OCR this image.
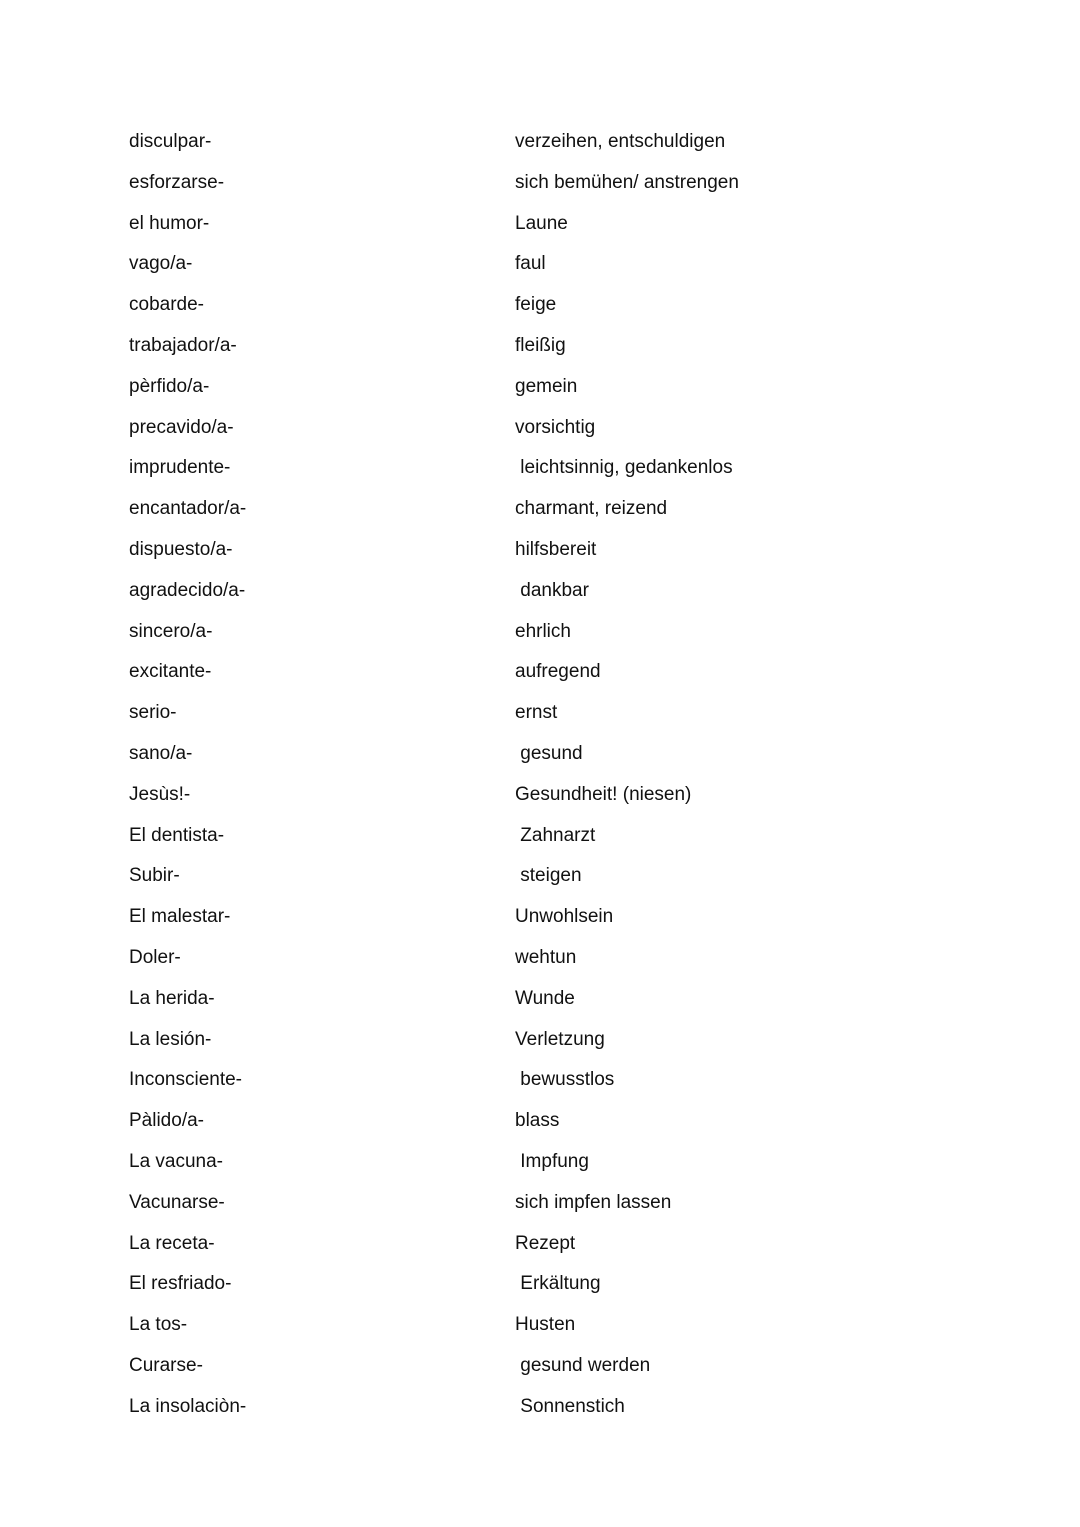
disculpar-	verzeihen, entschuldigen
esforzarse-	sich bemühen/ anstrengen
el humor-	Laune
vago/a-	faul
cobarde-	feige
trabajador/a-	fleißig
pèrfido/a-	gemein
precavido/a-	vorsichtig
imprudente-	leichtsinnig, gedankenlos
encantador/a-	charmant, reizend
dispuesto/a-	hilfsbereit
agradecido/a-	dankbar
sincero/a-	ehrlich
excitante-	aufregend
serio-	ernst
sano/a-	gesund
Jesùs!-	Gesundheit! (niesen)
El dentista-	Zahnarzt
Subir-	steigen
El malestar-	Unwohlsein
Doler-	wehtun
La herida-	Wunde
La lesión-	Verletzung
Inconsciente-	bewusstlos
Pàlido/a-	blass
La vacuna-	Impfung
Vacunarse-	sich impfen lassen
La receta-	Rezept
El resfriado-	Erkältung
La tos-	Husten
Curarse-	gesund werden
La insolaciòn-	Sonnenstich
